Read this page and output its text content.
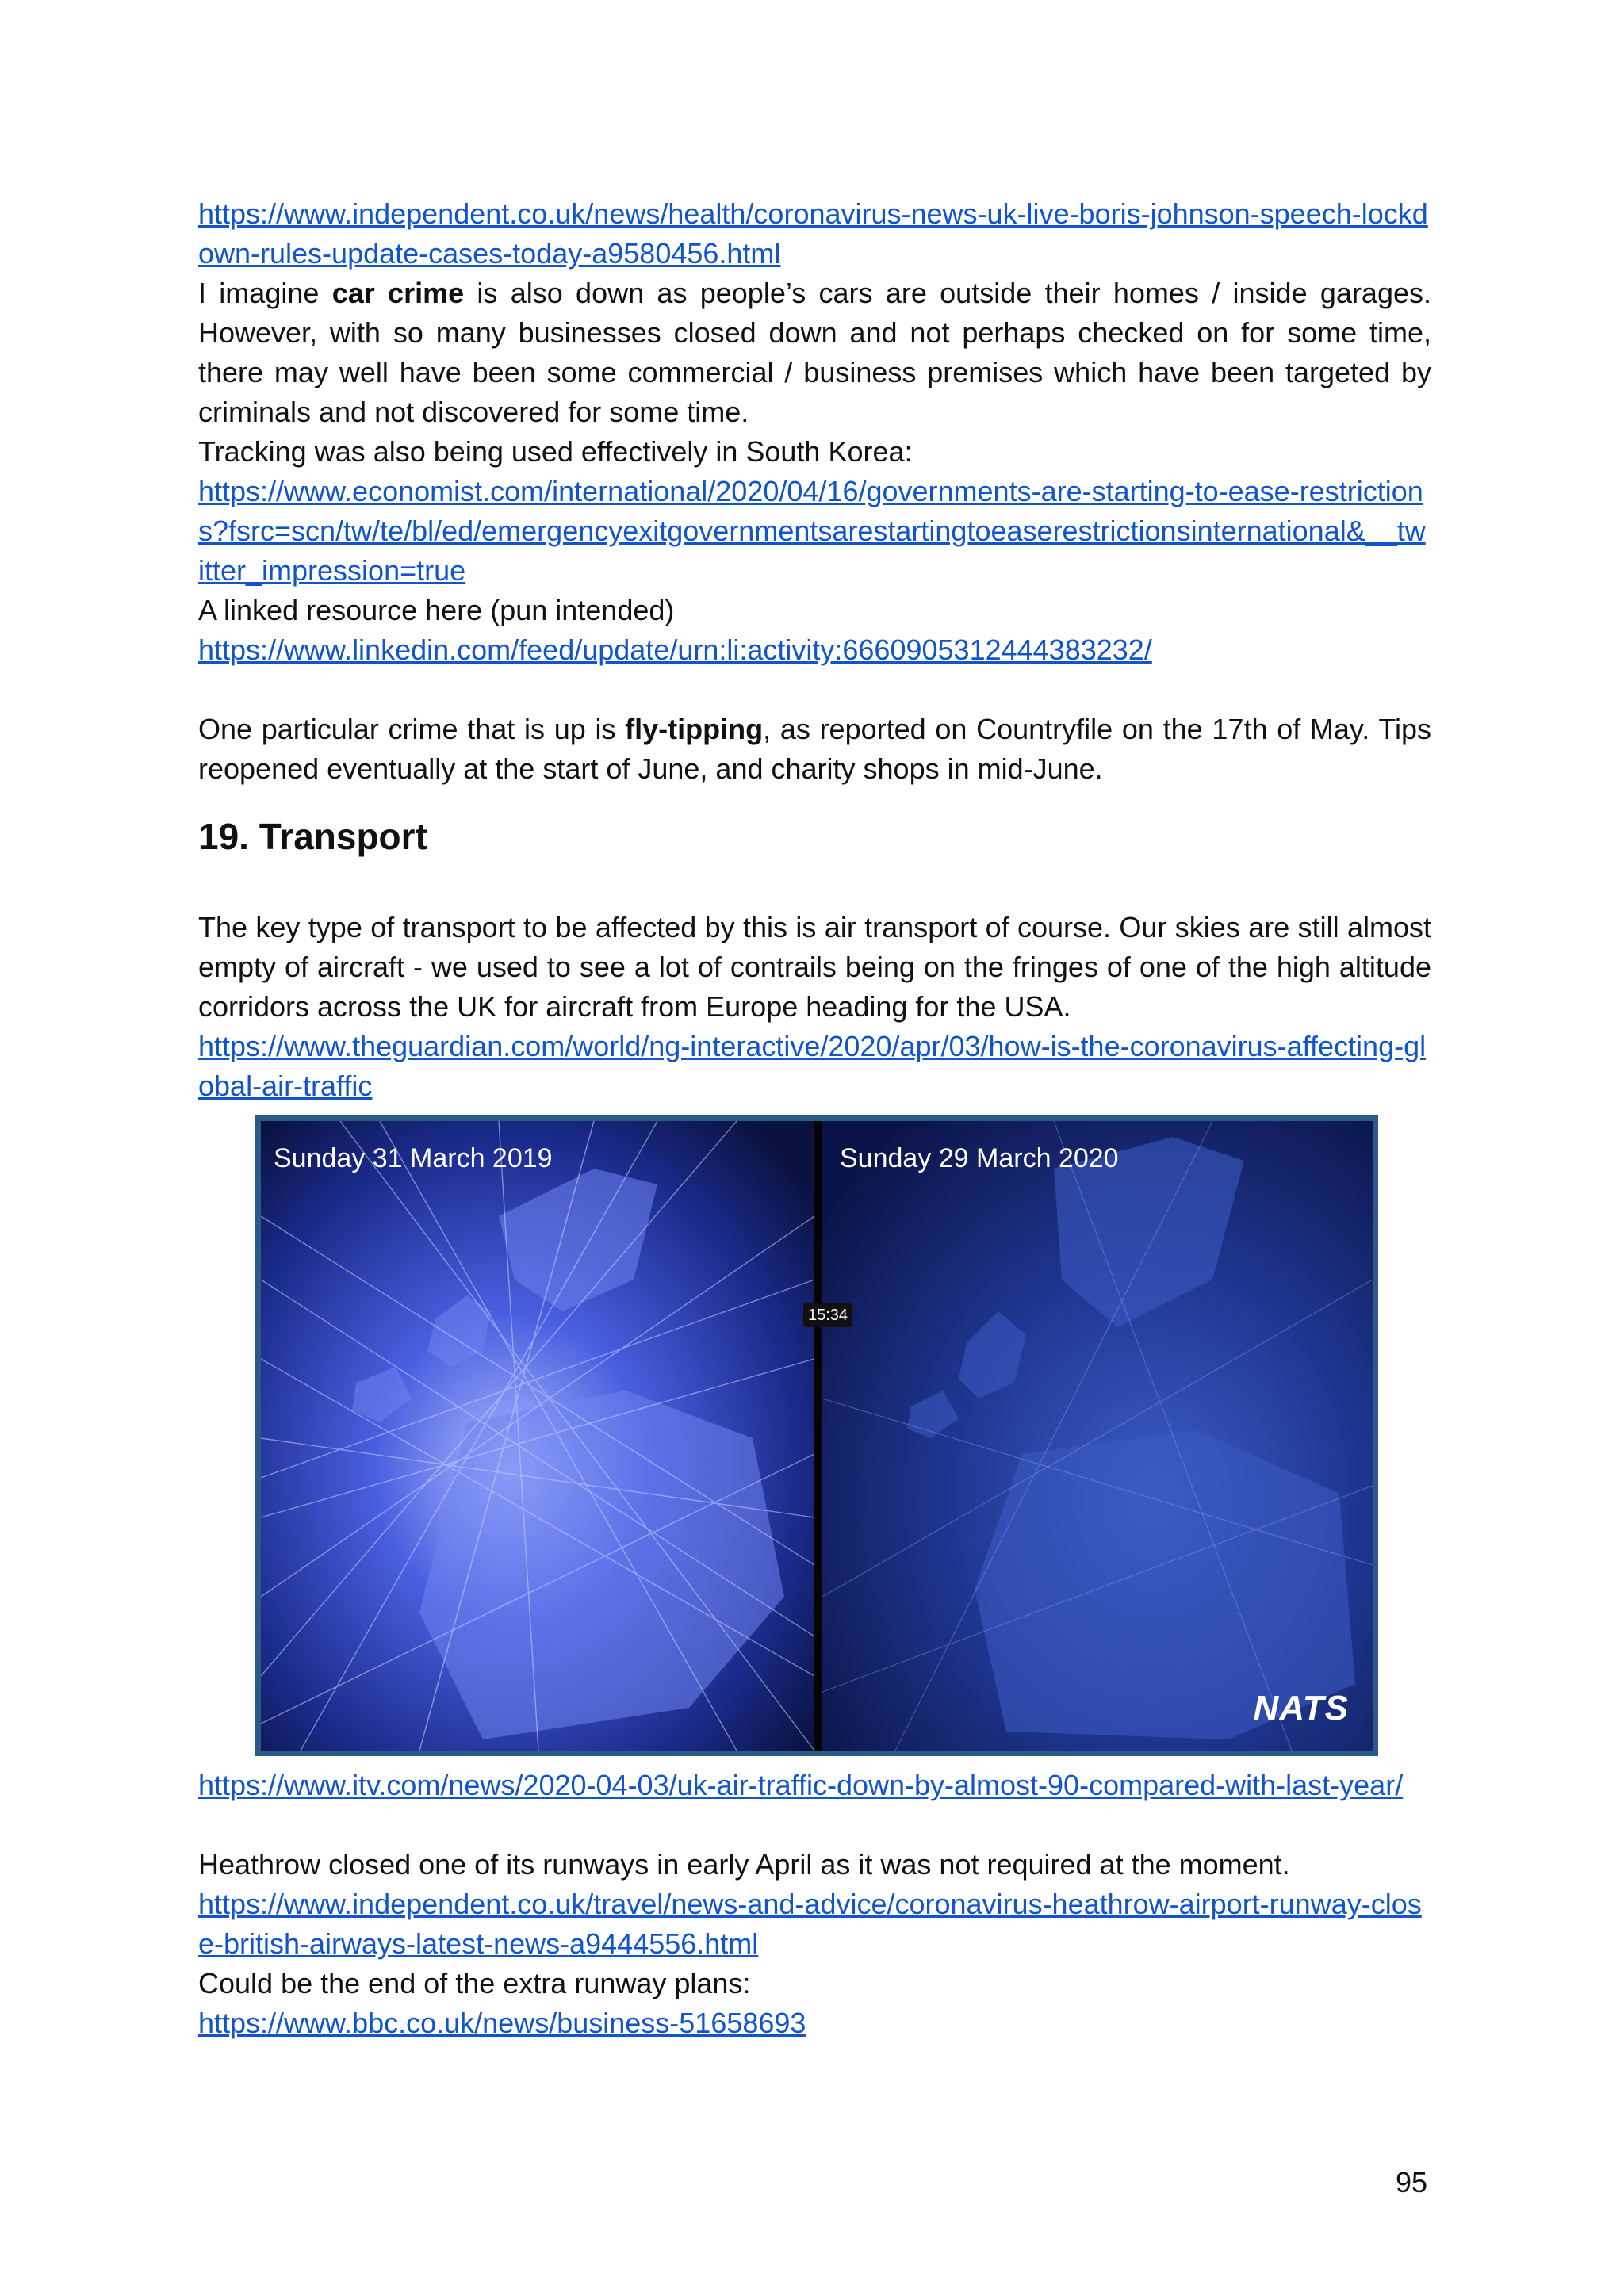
https://www.independent.co.uk/news/health/coronavirus-news-uk-live-boris-johnson-speech-lockdown-rules-update-cases-today-a9580456.html

I imagine car crime is also down as people’s cars are outside their homes / inside garages. However, with so many businesses closed down and not perhaps checked on for some time, there may well have been some commercial / business premises which have been targeted by criminals and not discovered for some time.

Tracking was also being used effectively in South Korea:

https://www.economist.com/international/2020/04/16/governments-are-starting-to-ease-restrictions?fsrc=scn/tw/te/bl/ed/emergencyexitgovernmentsarestartingtoeaserestrictionsinternational&__twitter_impression=true

A linked resource here (pun intended)

https://www.linkedin.com/feed/update/urn:li:activity:6660905312444383232/

One particular crime that is up is fly-tipping, as reported on Countryfile on the 17th of May. Tips reopened eventually at the start of June, and charity shops in mid-June.

19. Transport

The key type of transport to be affected by this is air transport of course. Our skies are still almost empty of aircraft - we used to see a lot of contrails being on the fringes of one of the high altitude corridors across the UK for aircraft from Europe heading for the USA.

https://www.theguardian.com/world/ng-interactive/2020/apr/03/how-is-the-coronavirus-affecting-global-air-traffic

Sunday 31 March 2019	Sunday 29 March 2020
15:34
NATS

https://www.itv.com/news/2020-04-03/uk-air-traffic-down-by-almost-90-compared-with-last-year/

Heathrow closed one of its runways in early April as it was not required at the moment.

https://www.independent.co.uk/travel/news-and-advice/coronavirus-heathrow-airport-runway-close-british-airways-latest-news-a9444556.html

Could be the end of the extra runway plans:

https://www.bbc.co.uk/news/business-51658693

95
